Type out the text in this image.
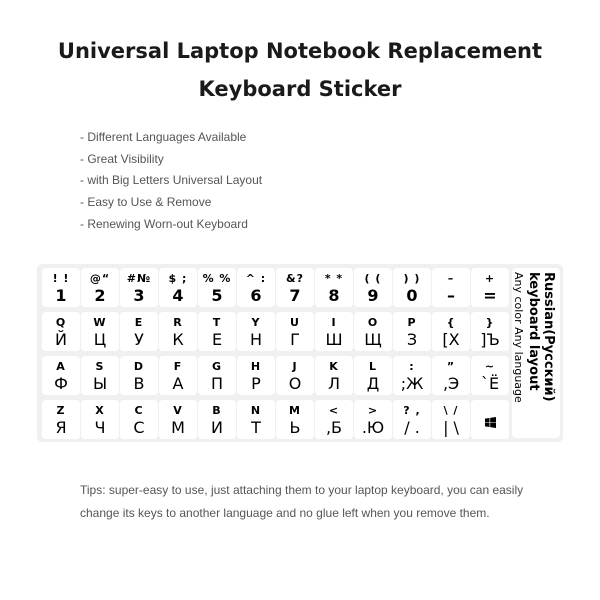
Universal Laptop Notebook Replacement
Keyboard Sticker
- Different Languages Available
- Great Visibility
- with Big Letters Universal Layout
- Easy to Use & Remove
- Renewing Worn-out Keyboard
Russian(Русский)
keyboard layout
Any color Any language
! !
1
@“
2
#№
3
$ ;
4
% %
5
^ :
6
&?
7
* *
8
( (
9
) )
0
–
–
+
=
Q
Й
W
Ц
E
У
R
К
T
Е
Y
Н
U
Г
I
Ш
O
Щ
P
З
{
[Х
}
]Ъ
A
Ф
S
Ы
D
В
F
А
G
П
H
Р
J
О
K
Л
L
Д
:
;Ж
”
‚Э
~
`Ё
Z
Я
X
Ч
C
С
V
М
B
И
N
Т
M
Ь
<
,Б
>
.Ю
? ,
/ .
\ /
| \
Tips: super-easy to use, just attaching them to your laptop keyboard, you can easily change its keys to another language and no glue left when you remove them.
